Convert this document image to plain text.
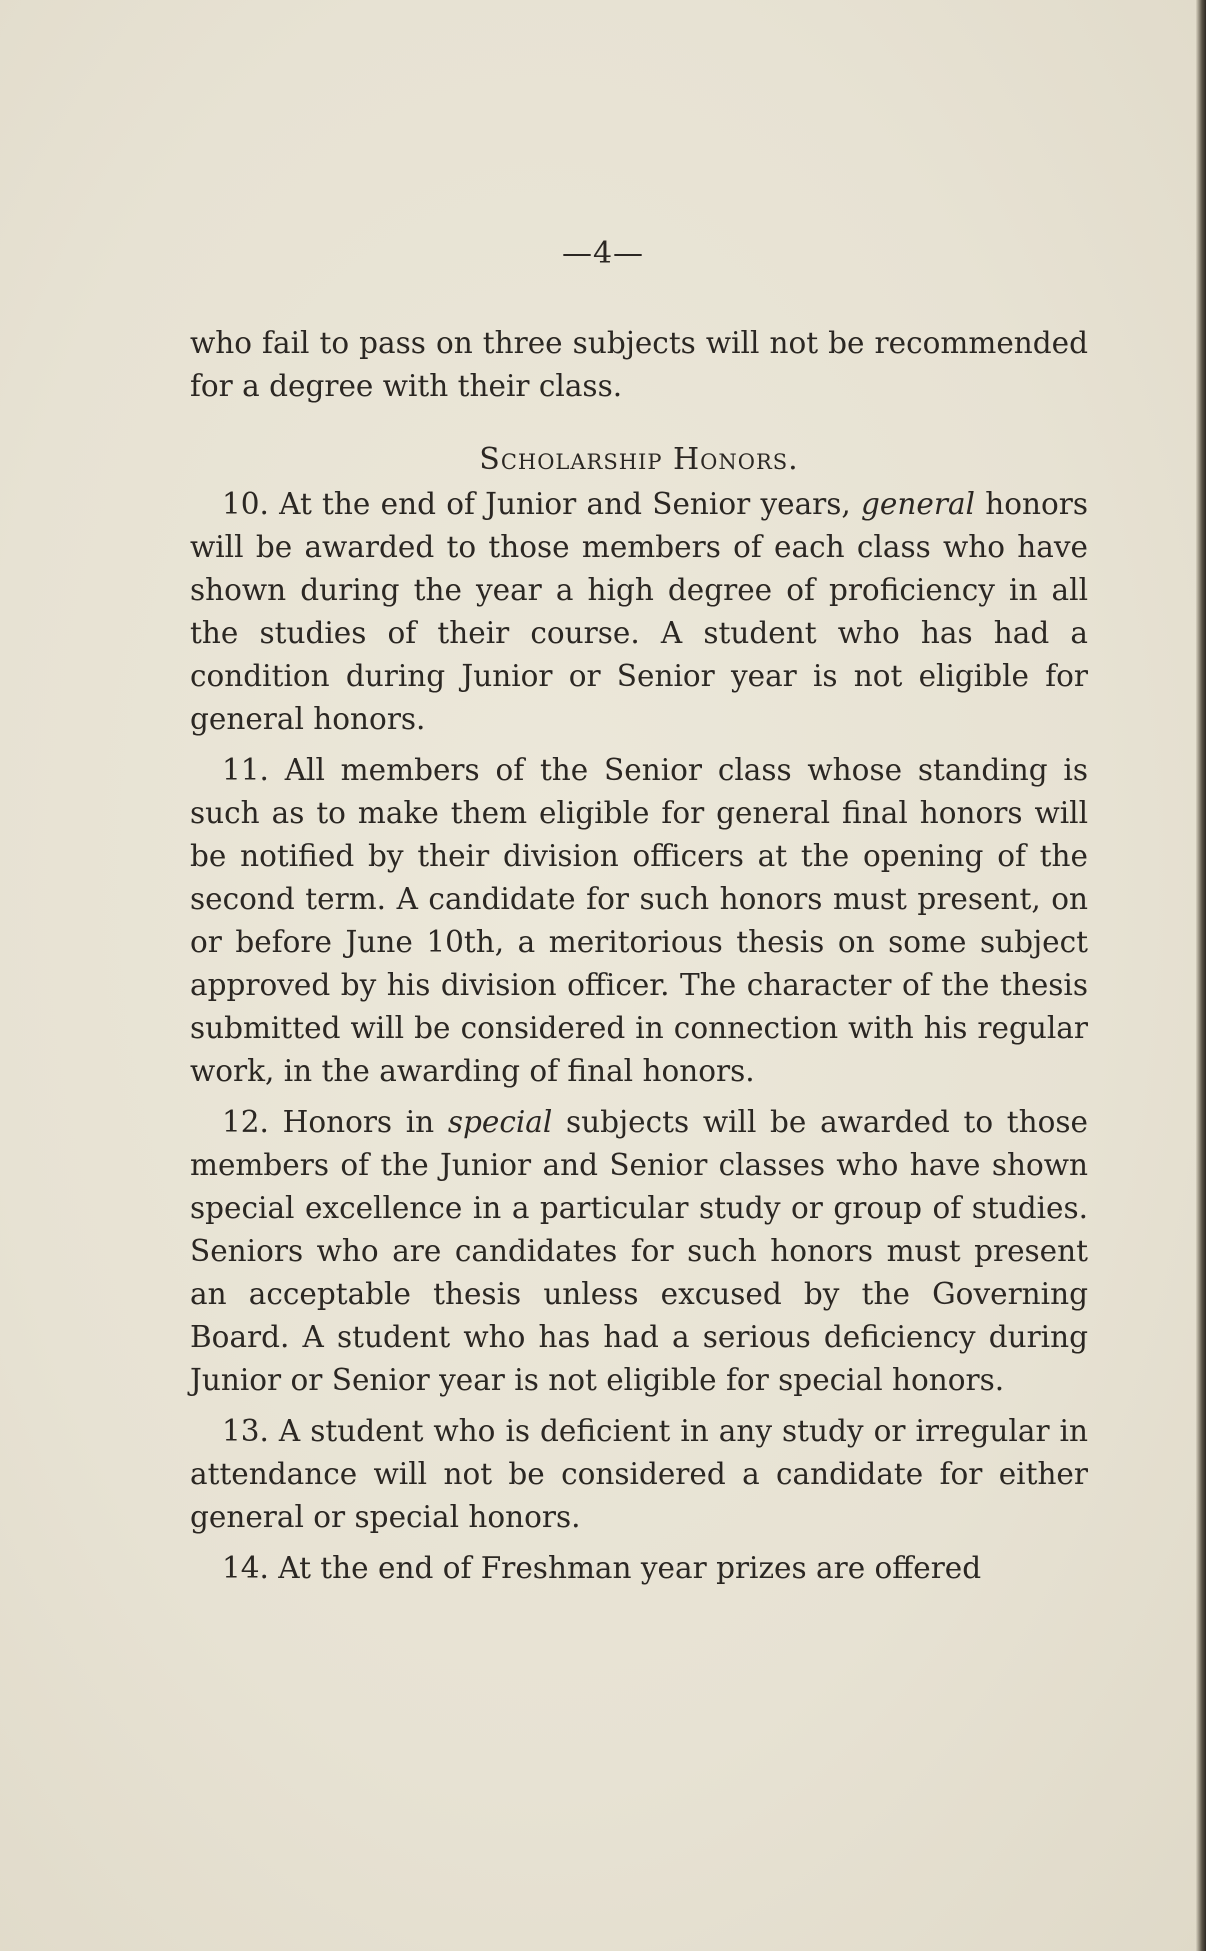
—4—

who fail to pass on three subjects will not be recommended for a degree with their class.

Scholarship Honors.

10. At the end of Junior and Senior years, general honors will be awarded to those members of each class who have shown during the year a high degree of proficiency in all the studies of their course. A student who has had a condition during Junior or Senior year is not eligible for general honors.

11. All members of the Senior class whose standing is such as to make them eligible for general final honors will be notified by their division officers at the opening of the second term. A candidate for such honors must present, on or before June 10th, a meritorious thesis on some subject approved by his division officer. The character of the thesis submitted will be considered in connection with his regular work, in the awarding of final honors.

12. Honors in special subjects will be awarded to those members of the Junior and Senior classes who have shown special excellence in a particular study or group of studies. Seniors who are candidates for such honors must present an acceptable thesis unless excused by the Governing Board. A student who has had a serious deficiency during Junior or Senior year is not eligible for special honors.

13. A student who is deficient in any study or irregular in attendance will not be considered a candidate for either general or special honors.

14. At the end of Freshman year prizes are offered
